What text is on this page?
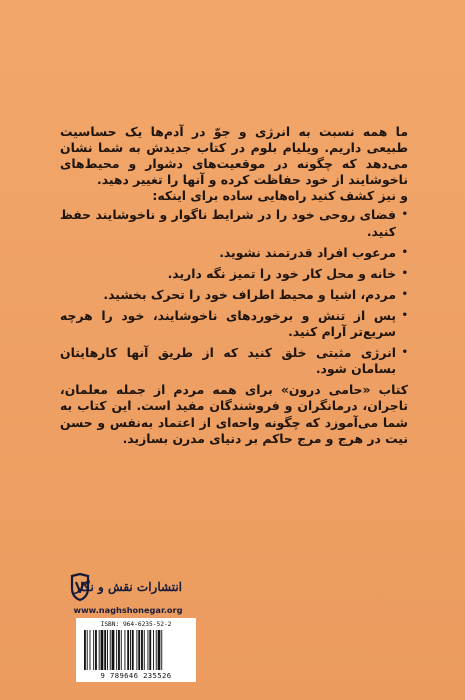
ما همه نسبت به انرژی و جوّ در آدم‌ها یک حساسیت طبیعی داریم. ویلیام بلوم در کتاب جدیدش به شما نشان می‌دهد که چگونه در موقعیت‌های دشوار و محیط‌های ناخوشایند از خود حفاظت کرده و آنها را تغییر دهید.

و نیز کشف کنید راه‌هایی ساده برای اینکه:

•
فضای روحی خود را در شرایط ناگوار و ناخوشایند حفظ کنید.
•
مرعوب افراد قدرتمند نشوید.
•
خانه و محل کار خود را تمیز نگه دارید.
•
مردم، اشیا و محیط اطراف خود را تحرک بخشید.
•
پس از تنش و برخوردهای ناخوشایند، خود را هرچه سریع‌تر آرام کنید.
•
انرژی مثبتی خلق کنید که از طریق آنها کارهایتان بسامان شود.

کتاب «حامی درون» برای همه مردم از جمله معلمان، تاجران، درمانگران و فروشندگان مفید است. این کتاب به شما می‌آموزد که چگونه واحه‌ای از اعتماد به‌نفس و حسن نیت در هرج و مرج حاکم بر دنیای مدرن بسازید.

انتشارات نقش و نگار
www.naghshonegar.org
ISBN: 964-6235-52-2
9 789646 235526
